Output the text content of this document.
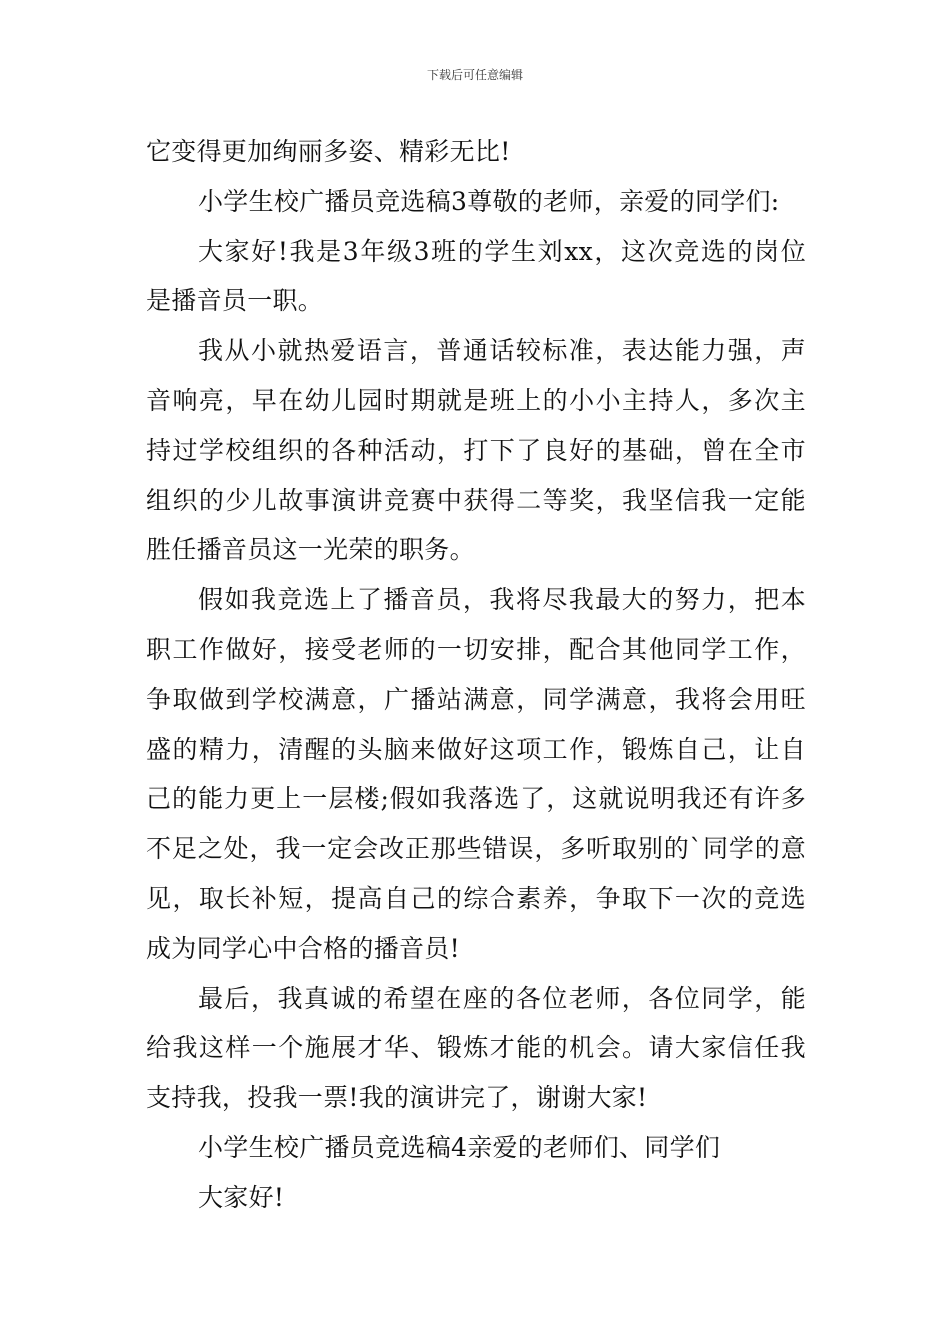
下载后可任意编辑
它变得更加绚丽多姿、精彩无比!
小学生校广播员竞选稿3尊敬的老师，亲爱的同学们:
大家好!我是3年级3班的学生刘xx，这次竞选的岗位
是播音员一职。
我从小就热爱语言，普通话较标准，表达能力强，声
音响亮，早在幼儿园时期就是班上的小小主持人，多次主
持过学校组织的各种活动，打下了良好的基础，曾在全市
组织的少儿故事演讲竞赛中获得二等奖，我坚信我一定能
胜任播音员这一光荣的职务。
假如我竞选上了播音员，我将尽我最大的努力，把本
职工作做好，接受老师的一切安排，配合其他同学工作，
争取做到学校满意，广播站满意，同学满意，我将会用旺
盛的精力，清醒的头脑来做好这项工作，锻炼自己，让自
己的能力更上一层楼;假如我落选了，这就说明我还有许多
不足之处，我一定会改正那些错误，多听取别的`同学的意
见，取长补短，提高自己的综合素养，争取下一次的竞选
成为同学心中合格的播音员!
最后，我真诚的希望在座的各位老师，各位同学，能
给我这样一个施展才华、锻炼才能的机会。请大家信任我
支持我，投我一票!我的演讲完了，谢谢大家!
小学生校广播员竞选稿4亲爱的老师们、同学们
大家好!
